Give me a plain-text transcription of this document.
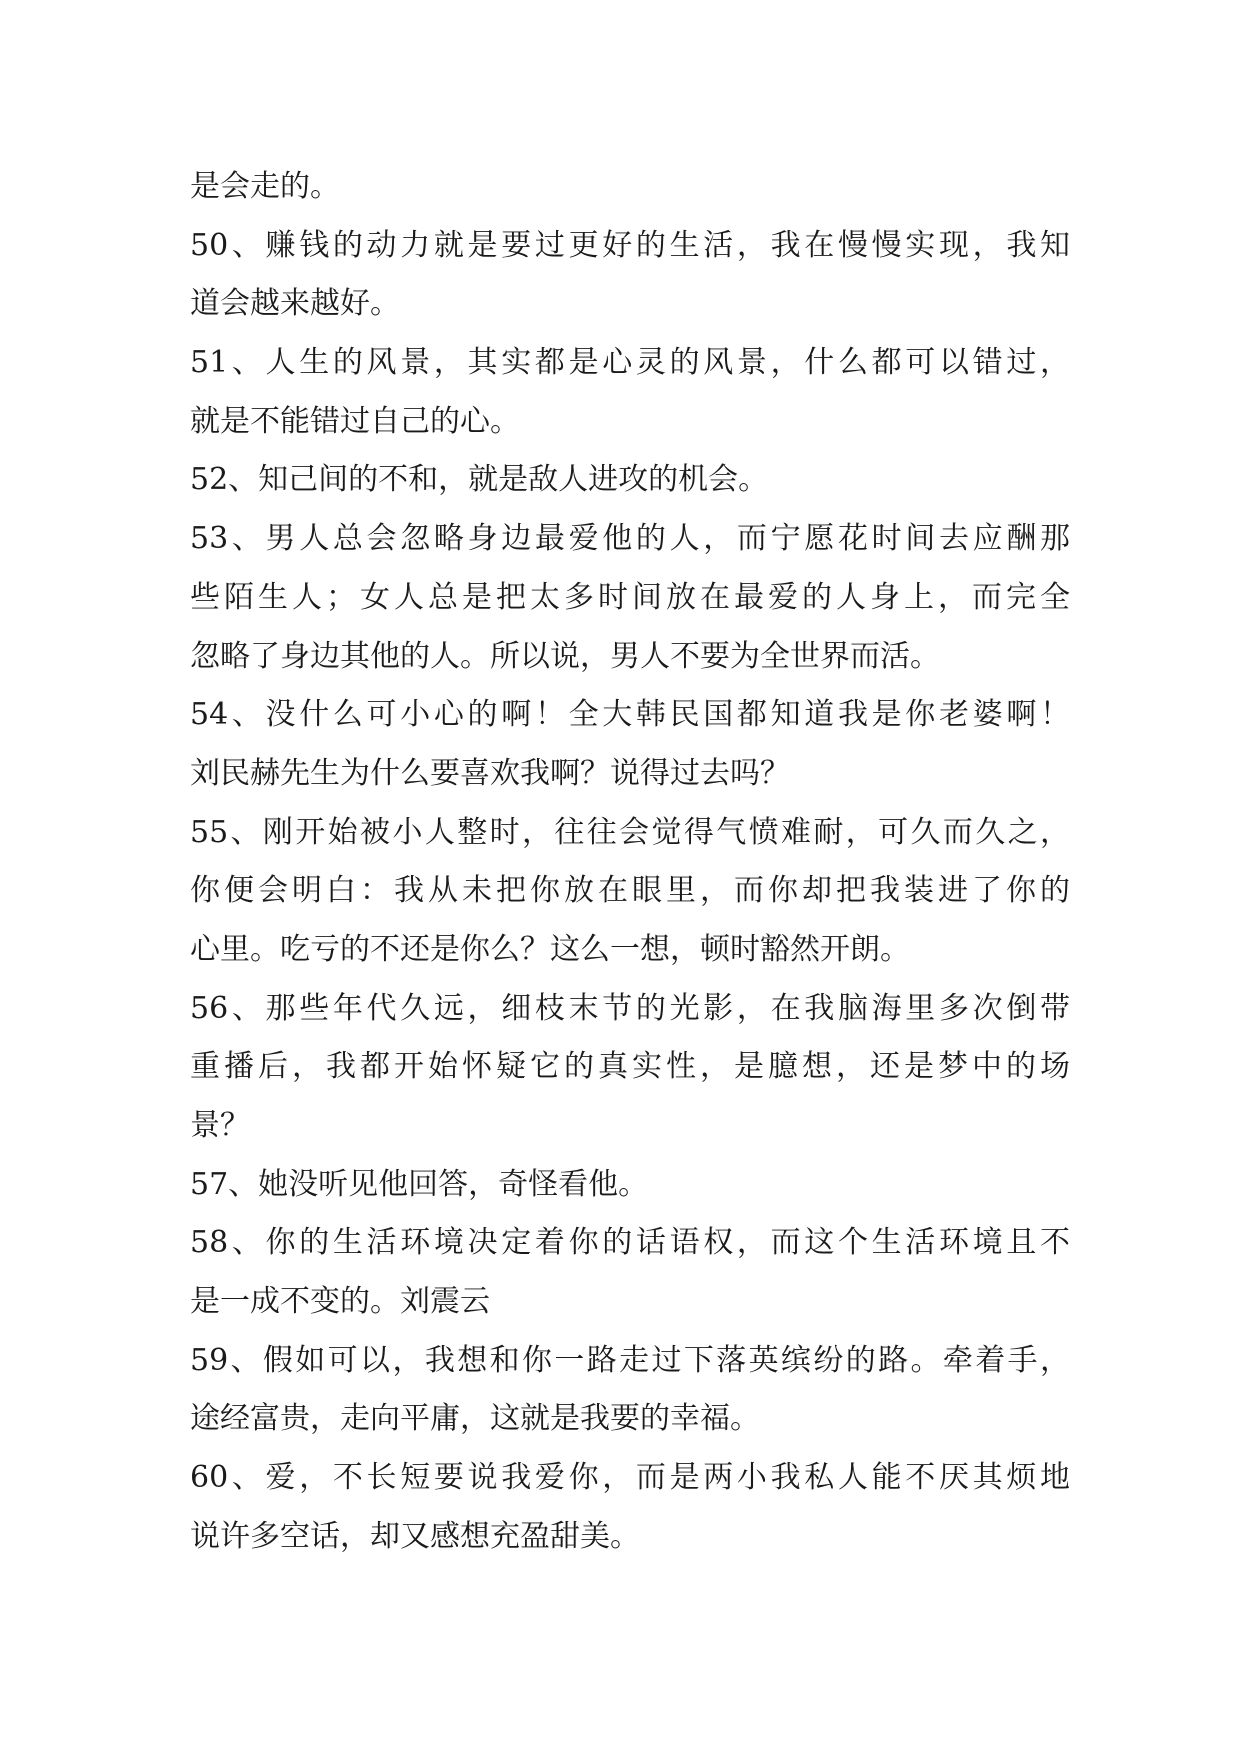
是会走的。
50、赚钱的动力就是要过更好的生活，我在慢慢实现，我知
道会越来越好。
51、人生的风景，其实都是心灵的风景，什么都可以错过，
就是不能错过自己的心。
52、知己间的不和，就是敌人进攻的机会。
53、男人总会忽略身边最爱他的人，而宁愿花时间去应酬那
些陌生人；女人总是把太多时间放在最爱的人身上，而完全
忽略了身边其他的人。所以说，男人不要为全世界而活。
54、没什么可小心的啊！全大韩民国都知道我是你老婆啊！
刘民赫先生为什么要喜欢我啊？说得过去吗？
55、刚开始被小人整时，往往会觉得气愤难耐，可久而久之，
你便会明白：我从未把你放在眼里，而你却把我装进了你的
心里。吃亏的不还是你么？这么一想，顿时豁然开朗。
56、那些年代久远，细枝末节的光影，在我脑海里多次倒带
重播后，我都开始怀疑它的真实性，是臆想，还是梦中的场
景？
57、她没听见他回答，奇怪看他。
58、你的生活环境决定着你的话语权，而这个生活环境且不
是一成不变的。刘震云
59、假如可以，我想和你一路走过下落英缤纷的路。牵着手，
途经富贵，走向平庸，这就是我要的幸福。
60、爱，不长短要说我爱你，而是两小我私人能不厌其烦地
说许多空话，却又感想充盈甜美。
